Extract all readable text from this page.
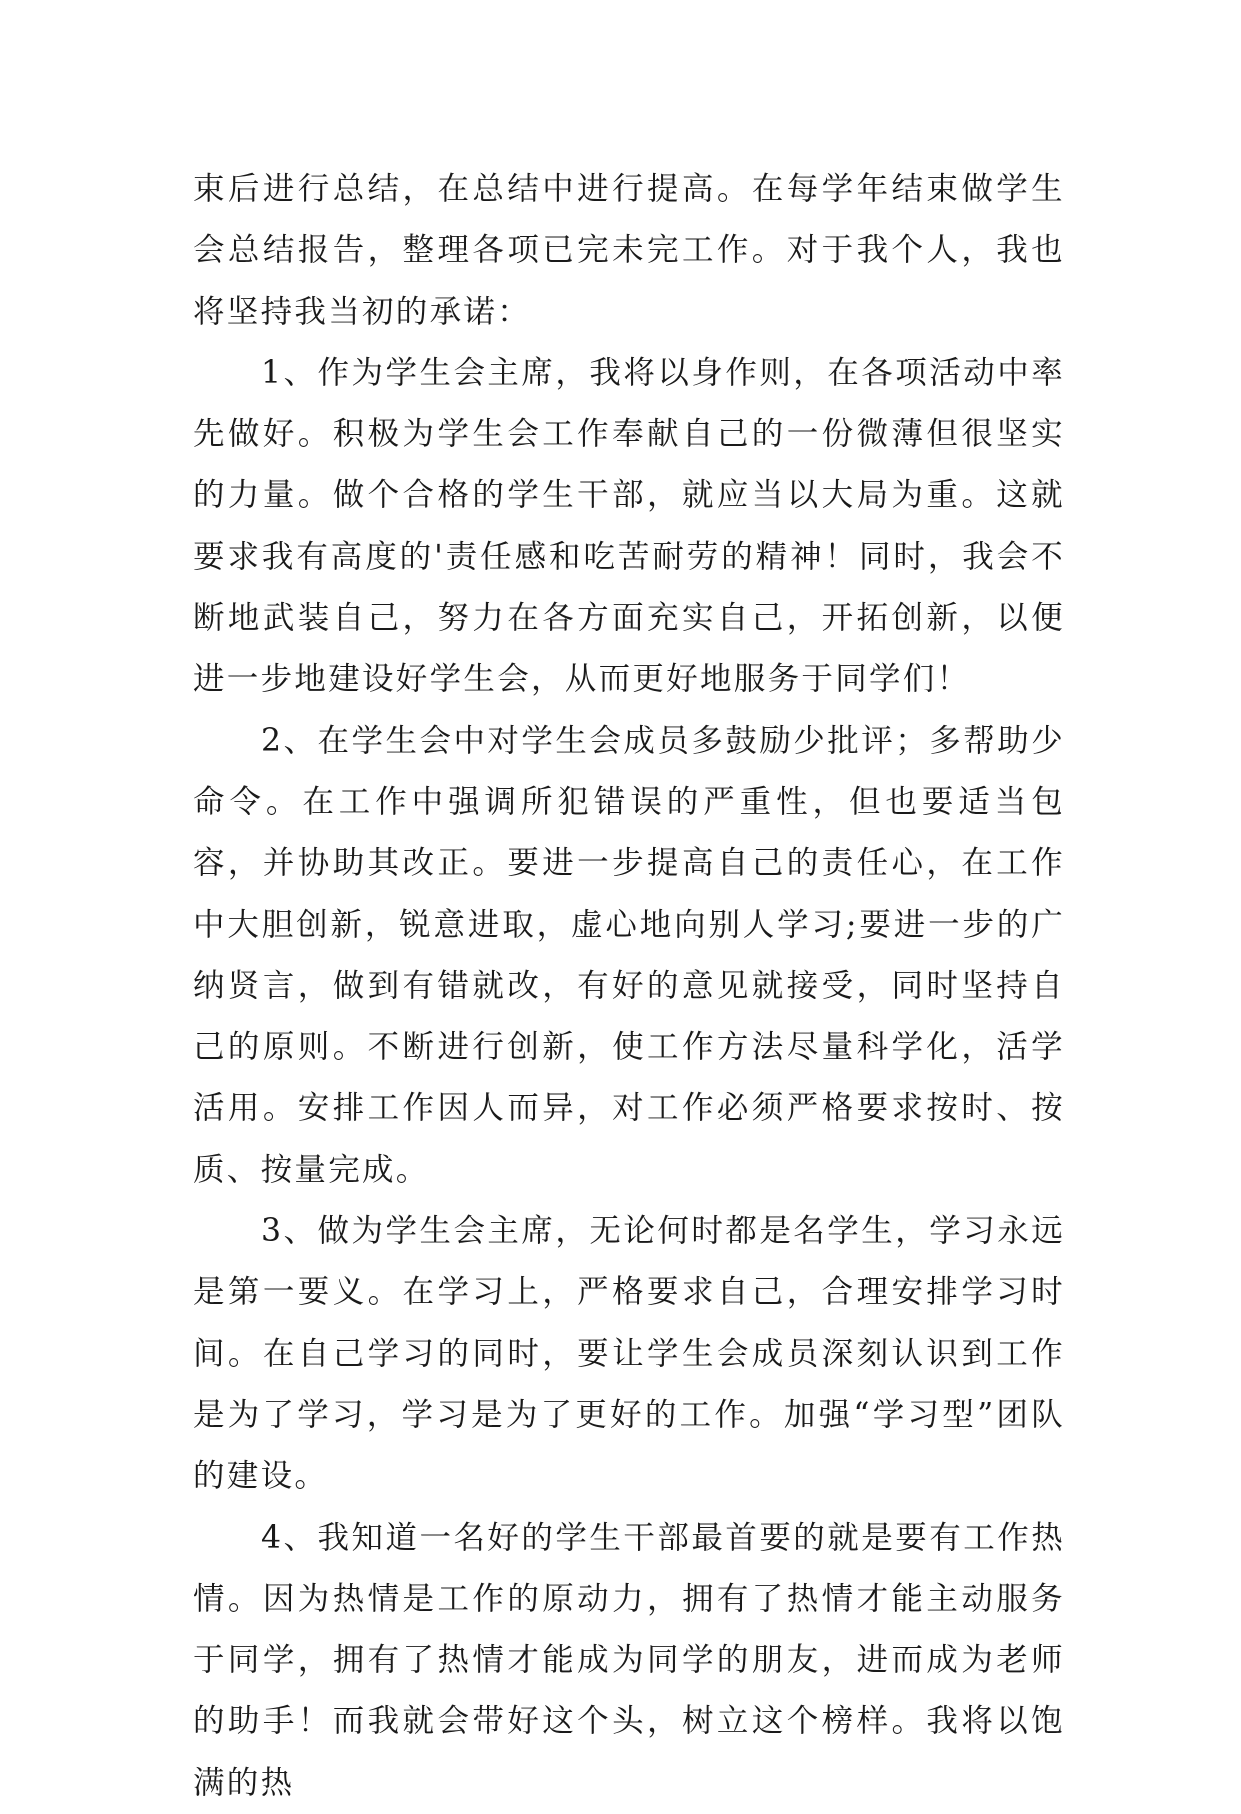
束后进行总结，在总结中进行提高。在每学年结束做学生会总结报告，整理各项已完未完工作。对于我个人，我也将坚持我当初的承诺：

1、作为学生会主席，我将以身作则，在各项活动中率先做好。积极为学生会工作奉献自己的一份微薄但很坚实的力量。做个合格的学生干部，就应当以大局为重。这就要求我有高度的'责任感和吃苦耐劳的精神！同时，我会不断地武装自己，努力在各方面充实自己，开拓创新，以便进一步地建设好学生会，从而更好地服务于同学们！

2、在学生会中对学生会成员多鼓励少批评；多帮助少命令。在工作中强调所犯错误的严重性，但也要适当包容，并协助其改正。要进一步提高自己的责任心，在工作中大胆创新，锐意进取，虚心地向别人学习;要进一步的广纳贤言，做到有错就改，有好的意见就接受，同时坚持自己的原则。不断进行创新，使工作方法尽量科学化，活学活用。安排工作因人而异，对工作必须严格要求按时、按质、按量完成。

3、做为学生会主席，无论何时都是名学生，学习永远是第一要义。在学习上，严格要求自己，合理安排学习时间。在自己学习的同时，要让学生会成员深刻认识到工作是为了学习，学习是为了更好的工作。加强“学习型”团队的建设。

4、我知道一名好的学生干部最首要的就是要有工作热情。因为热情是工作的原动力，拥有了热情才能主动服务于同学，拥有了热情才能成为同学的朋友，进而成为老师的助手！而我就会带好这个头，树立这个榜样。我将以饱满的热
